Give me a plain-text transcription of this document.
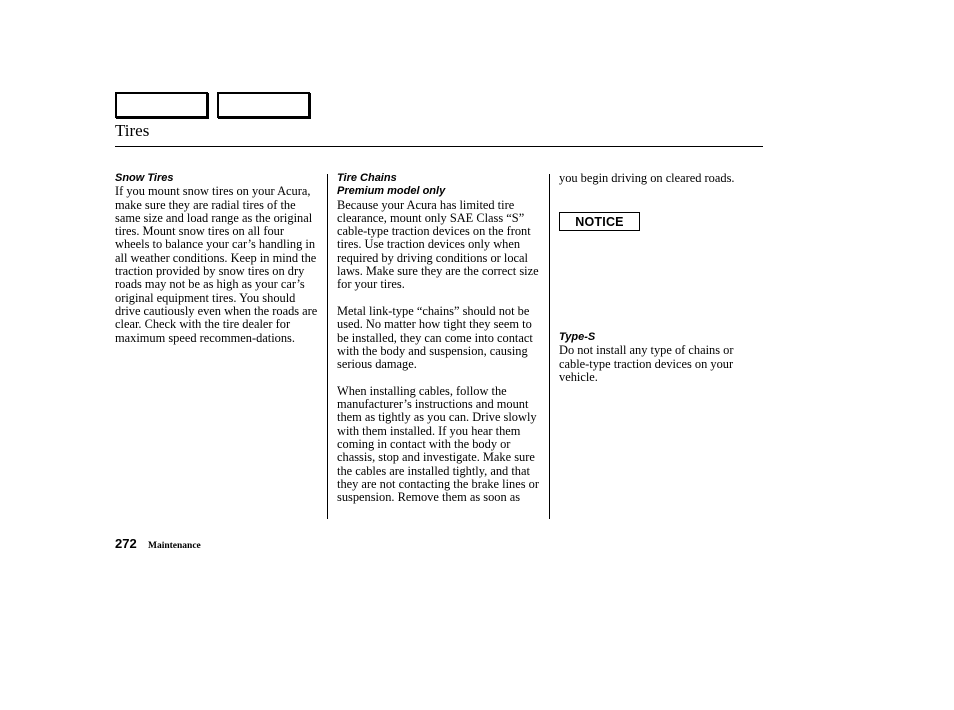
Tires
Snow Tires

If you mount snow tires on your Acura, make sure they are radial tires of the same size and load range as the original tires. Mount snow tires on all four wheels to balance your car’s handling in all weather conditions. Keep in mind the traction provided by snow tires on dry roads may not be as high as your car’s original equipment tires. You should drive cautiously even when the roads are clear. Check with the tire dealer for maximum speed recommen-dations.

Tire Chains
Premium model only

Because your Acura has limited tire clearance, mount only SAE Class “S” cable-type traction devices on the front tires. Use traction devices only when required by driving conditions or local laws. Make sure they are the correct size for your tires.

Metal link-type “chains” should not be used. No matter how tight they seem to be installed, they can come into contact with the body and suspension, causing serious damage.

When installing cables, follow the manufacturer’s instructions and mount them as tightly as you can. Drive slowly with them installed. If you hear them coming in contact with the body or chassis, stop and investigate. Make sure the cables are installed tightly, and that they are not contacting the brake lines or suspension. Remove them as soon as

you begin driving on cleared roads.

NOTICE
Type-S

Do not install any type of chains or cable-type traction devices on your vehicle.

272 Maintenance
